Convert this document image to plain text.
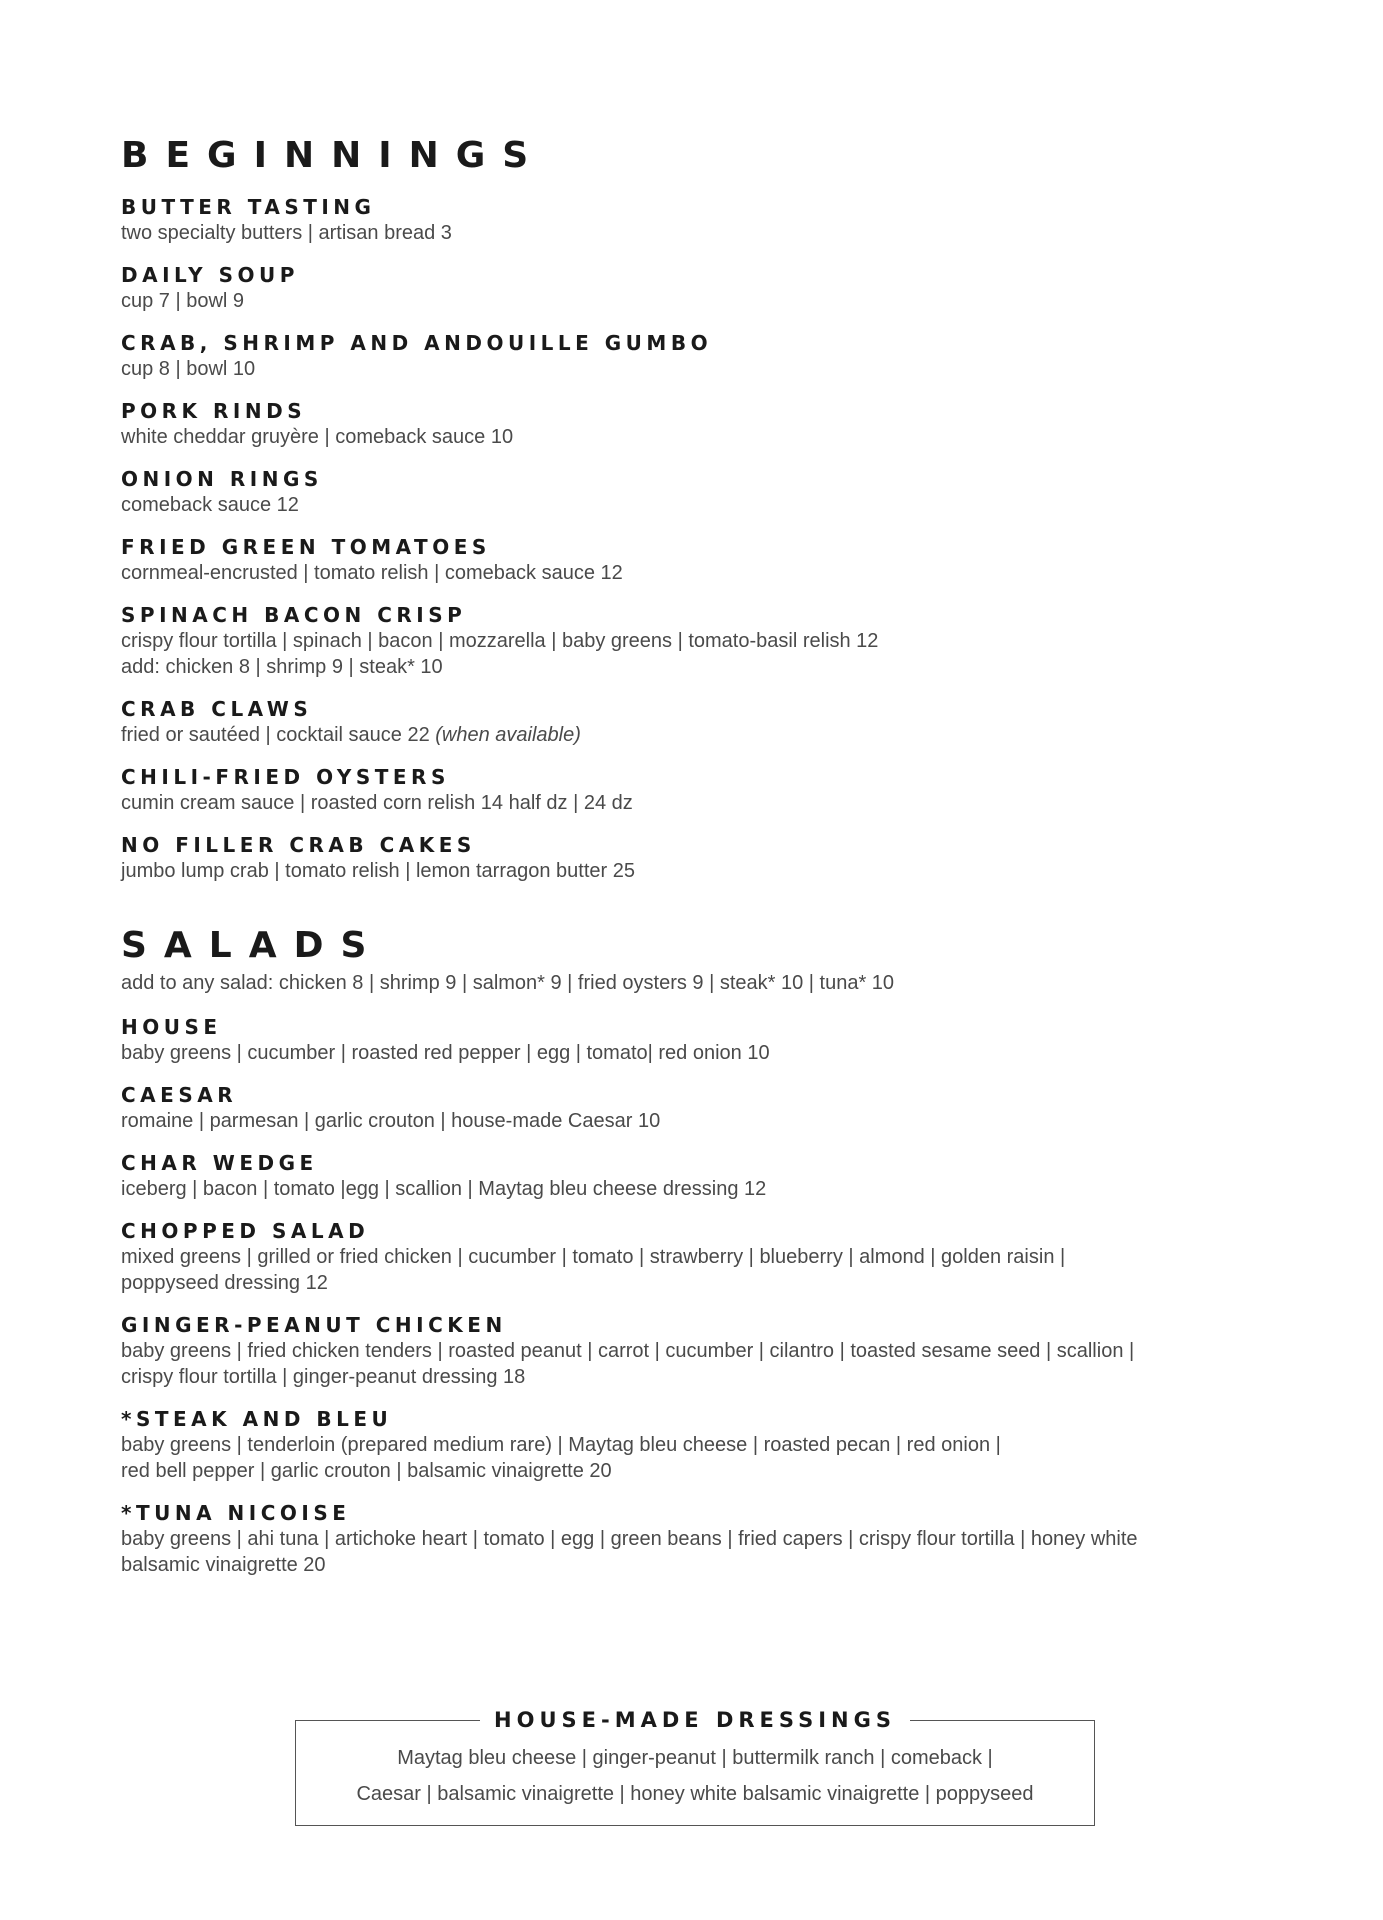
BEGINNINGS
BUTTER TASTING
two specialty butters | artisan bread 3
DAILY SOUP
cup 7 | bowl 9
CRAB, SHRIMP AND ANDOUILLE GUMBO
cup 8 | bowl 10
PORK RINDS
white cheddar gruyère | comeback sauce 10
ONION RINGS
comeback sauce 12
FRIED GREEN TOMATOES
cornmeal-encrusted | tomato relish | comeback sauce 12
SPINACH BACON CRISP
crispy flour tortilla | spinach | bacon | mozzarella | baby greens | tomato-basil relish 12
add: chicken 8 | shrimp 9 | steak* 10
CRAB CLAWS
fried or sautéed | cocktail sauce 22 (when available)
CHILI-FRIED OYSTERS
cumin cream sauce | roasted corn relish 14 half dz | 24 dz
NO FILLER CRAB CAKES
jumbo lump crab | tomato relish | lemon tarragon butter 25
SALADS
add to any salad: chicken 8 | shrimp 9 | salmon* 9 | fried oysters 9 | steak* 10 | tuna* 10
HOUSE
baby greens | cucumber | roasted red pepper | egg | tomato| red onion 10
CAESAR
romaine | parmesan | garlic crouton | house-made Caesar 10
CHAR WEDGE
iceberg | bacon | tomato |egg | scallion | Maytag bleu cheese dressing 12
CHOPPED SALAD
mixed greens | grilled or fried chicken | cucumber | tomato | strawberry | blueberry | almond | golden raisin |
poppyseed dressing 12
GINGER-PEANUT CHICKEN
baby greens | fried chicken tenders | roasted peanut | carrot | cucumber | cilantro | toasted sesame seed | scallion |
crispy flour tortilla | ginger-peanut dressing 18
*STEAK AND BLEU
baby greens | tenderloin (prepared medium rare) | Maytag bleu cheese | roasted pecan | red onion |
red bell pepper | garlic crouton | balsamic vinaigrette 20
*TUNA NICOISE
baby greens | ahi tuna | artichoke heart | tomato | egg | green beans | fried capers | crispy flour tortilla | honey white
balsamic vinaigrette 20
HOUSE-MADE DRESSINGS
Maytag bleu cheese | ginger-peanut | buttermilk ranch | comeback |
Caesar | balsamic vinaigrette | honey white balsamic vinaigrette | poppyseed
